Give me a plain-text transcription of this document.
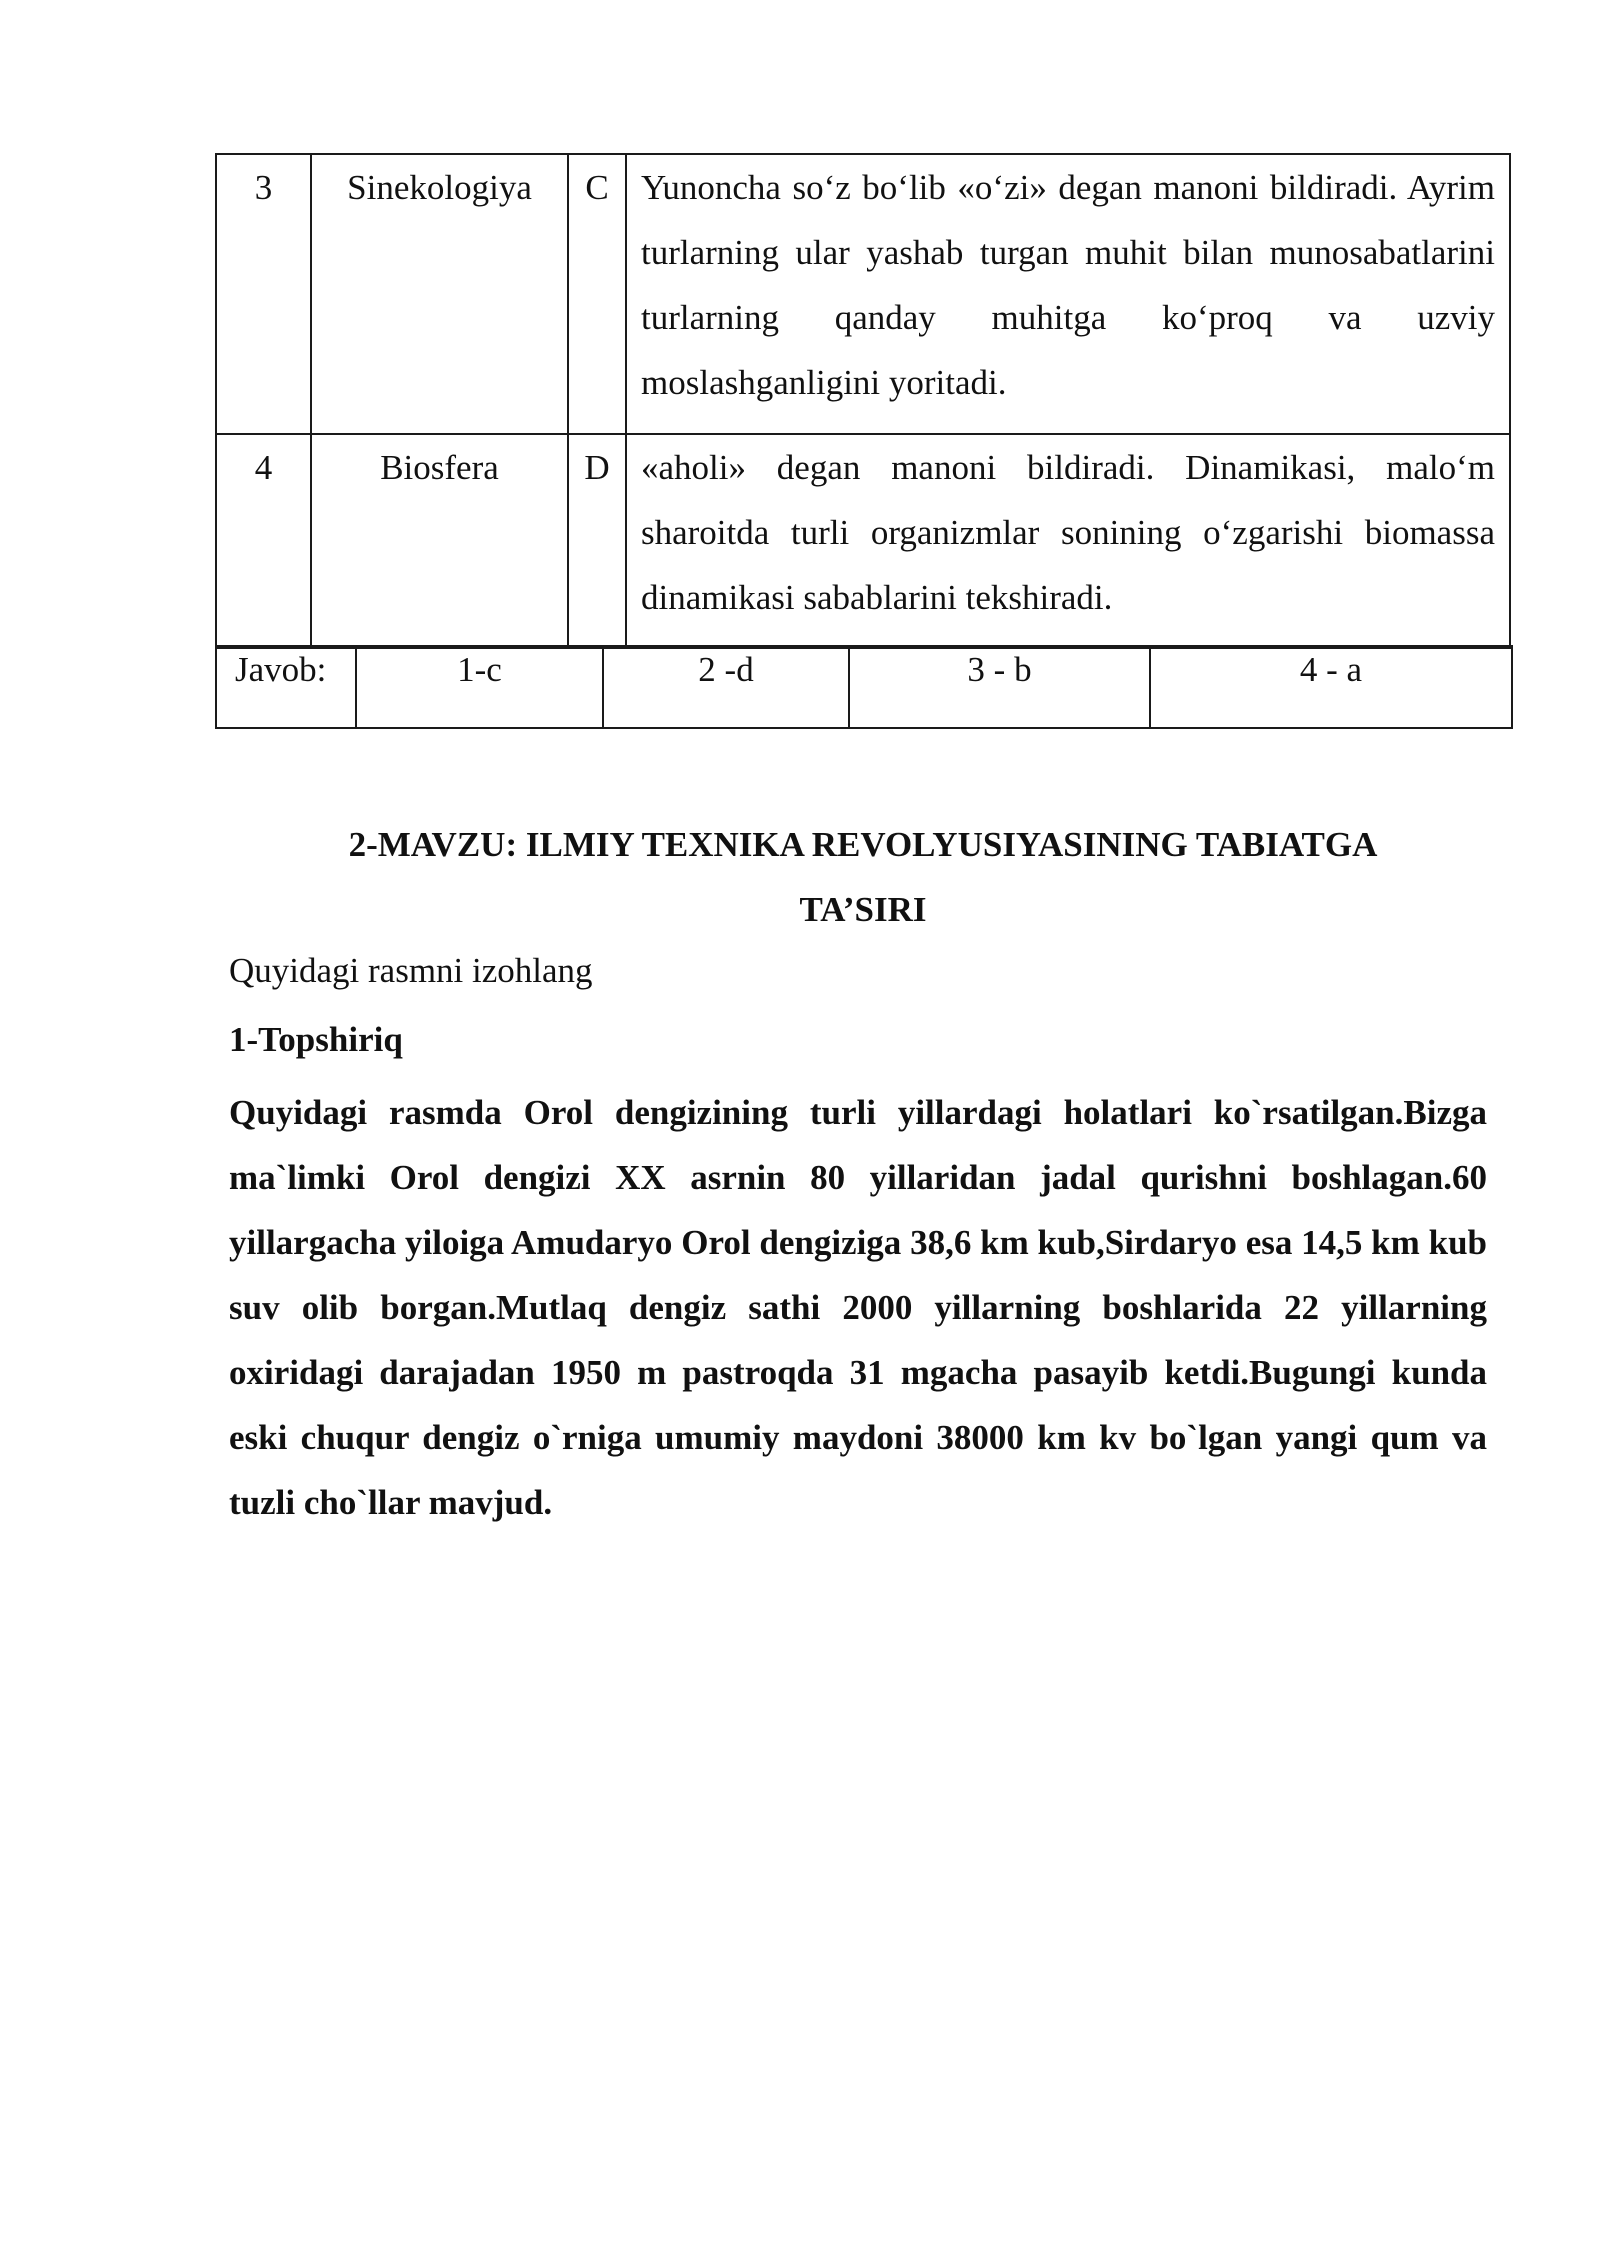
3	Sinekologiya	C	Yunoncha so‘z bo‘lib «o‘zi» degan manoni bildiradi. Ayrim turlarning ular yashab turgan muhit bilan munosabatlarini turlarning qanday muhitga ko‘proq va uzviy moslashganligini yoritadi.
4	Biosfera	D	«aholi» degan manoni bildiradi. Dinamikasi, malo‘m sharoitda turli organizmlar sonining o‘zgarishi biomassa dinamikasi sabablarini tekshiradi.
Javob:	1-c	2 -d	3 - b	4 - a
2-MAVZU: ILMIY TEXNIKA REVOLYUSIYASINING TABIATGA
TA’SIRI
Quyidagi rasmni izohlang
1-Topshiriq

Quyidagi rasmda Orol dengizining turli yillardagi holatlari ko`rsatilgan.Bizga ma`limki Orol dengizi XX asrnin 80 yillaridan jadal qurishni boshlagan.60 yillargacha yiloiga Amudaryo Orol dengiziga 38,6 km kub,Sirdaryo esa 14,5 km kub suv olib borgan.Mutlaq dengiz sathi 2000 yillarning boshlarida 22 yillarning oxiridagi darajadan 1950 m pastroqda 31 mgacha pasayib ketdi.Bugungi kunda eski chuqur dengiz o`rniga umumiy maydoni 38000 km kv bo`lgan yangi qum va tuzli cho`llar mavjud.
